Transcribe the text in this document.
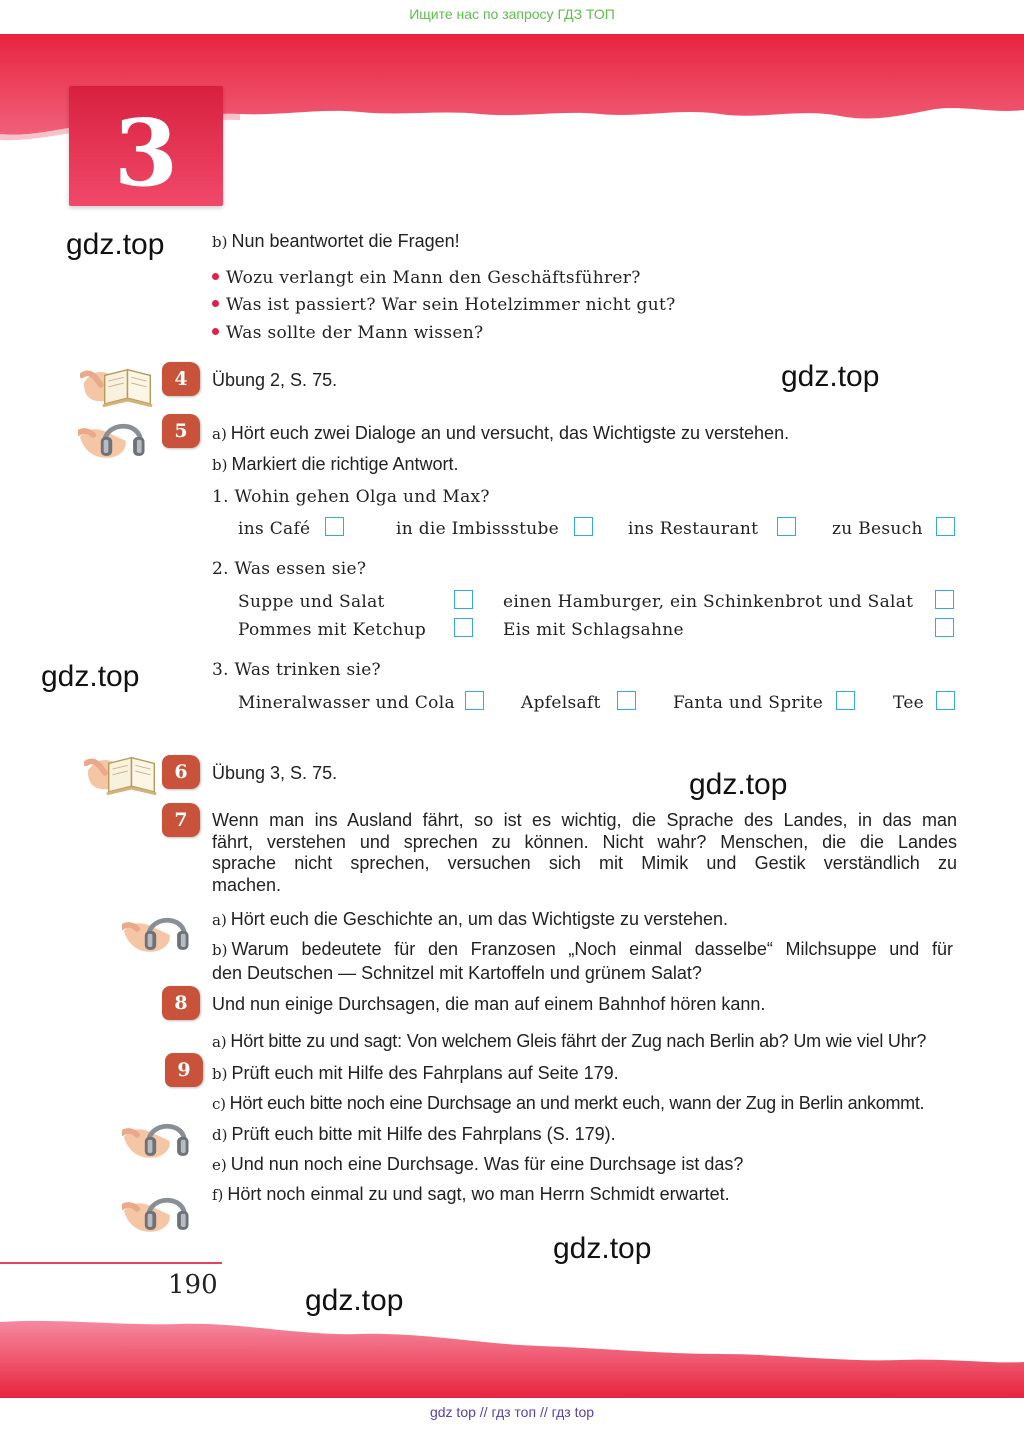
Ищите нас по запросу ГДЗ ТОП
3
gdz.top
gdz.top
gdz.top
gdz.top
gdz.top
gdz.top
b) Nun beantwortet die Fragen!
Wozu verlangt ein Mann den Geschäftsführer?
Was ist passiert? War sein Hotelzimmer nicht gut?
Was sollte der Mann wissen?
4	Übung 2, S. 75.
5	a) Hört euch zwei Dialoge an und versucht, das Wichtigste zu verstehen.
b) Markiert die richtige Antwort.
1. Wohin gehen Olga und Max?
ins Café	in die Imbissstube	ins Restaurant	zu Besuch
2. Was essen sie?
Suppe und Salat	einen Hamburger, ein Schinkenbrot und Salat
Pommes mit Ketchup	Eis mit Schlagsahne
3. Was trinken sie?
Mineralwasser und Cola	Apfelsaft	Fanta und Sprite	Tee
6	Übung 3, S. 75.
7	Wenn man ins Ausland fährt, so ist es wichtig, die Sprache des Landes, in das man
fährt, verstehen und sprechen zu können. Nicht wahr? Menschen, die die Landes
sprache nicht sprechen, versuchen sich mit Mimik und Gestik verständlich zu
machen.
a) Hört euch die Geschichte an, um das Wichtigste zu verstehen.
b) Warum bedeutete für den Franzosen „Noch einmal dasselbe“ Milchsuppe und für
den Deutschen — Schnitzel mit Kartoffeln und grünem Salat?
8	Und nun einige Durchsagen, die man auf einem Bahnhof hören kann.
9
a) Hört bitte zu und sagt: Von welchem Gleis fährt der Zug nach Berlin ab? Um wie viel Uhr?
b) Prüft euch mit Hilfe des Fahrplans auf Seite 179.
c) Hört euch bitte noch eine Durchsage an und merkt euch, wann der Zug in Berlin ankommt.
d) Prüft euch bitte mit Hilfe des Fahrplans (S. 179).
e) Und nun noch eine Durchsage. Was für eine Durchsage ist das?
f) Hört noch einmal zu und sagt, wo man Herrn Schmidt erwartet.
190
gdz top // гдз топ // гдз top
